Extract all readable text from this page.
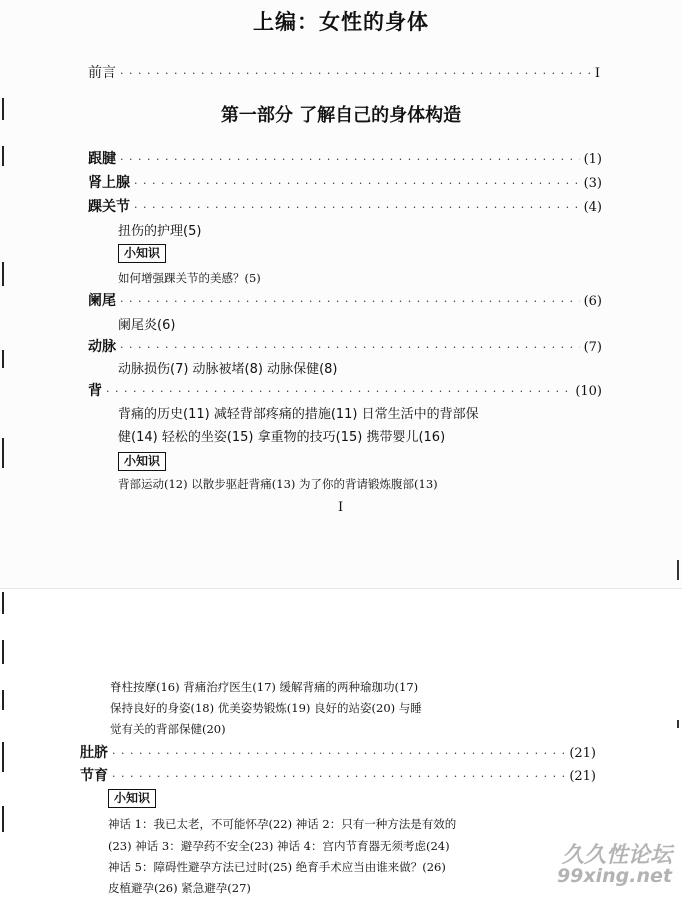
上编：女性的身体
前言 · · ·	Ⅰ
第一部分 了解自己的身体构造
跟腱 · · ·	(1)
肾上腺 · · ·	(3)
踝关节 · · ·	(4)
扭伤的护理(5)
小知识
如何增强踝关节的美感？(5)
阑尾 · · ·	(6)
阑尾炎(6)
动脉 · · ·	(7)
动脉损伤(7) 动脉被堵(8) 动脉保健(8)
背 · · ·	(10)
背痛的历史(11) 减轻背部疼痛的措施(11) 日常生活中的背部保
健(14) 轻松的坐姿(15) 拿重物的技巧(15) 携带婴儿(16)
小知识
背部运动(12) 以散步驱赶背痛(13) 为了你的背请锻炼腹部(13)
Ⅰ
脊柱按摩(16) 背痛治疗医生(17) 缓解背痛的两种瑜珈功(17)
保持良好的身姿(18) 优美姿势锻炼(19) 良好的站姿(20) 与睡
觉有关的背部保健(20)
肚脐 · · ·	(21)
节育 · · ·	(21)
小知识
神话 1：我已太老，不可能怀孕(22) 神话 2：只有一种方法是有效的
(23) 神话 3：避孕药不安全(23) 神话 4：宫内节育器无须考虑(24)
神话 5：障碍性避孕方法已过时(25) 绝育手术应当由谁来做？(26)
皮植避孕(26) 紧急避孕(27)
久久性论坛
99xing.net
